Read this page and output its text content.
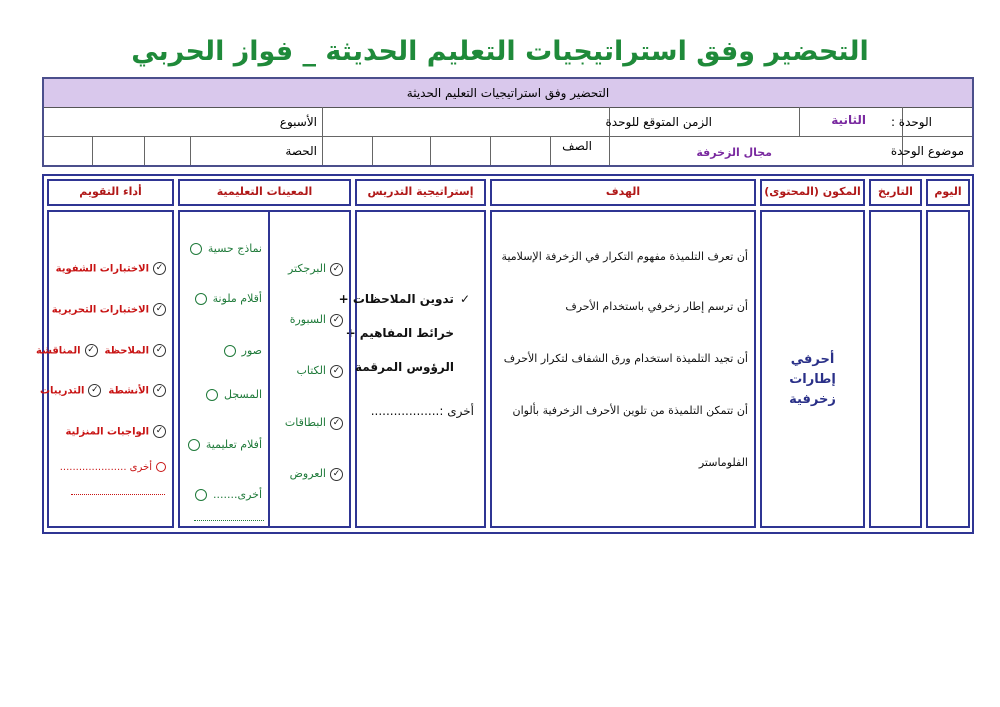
التحضير وفق استراتيجيات التعليم الحديثة _ فواز الحربي
التحضير وفق استراتيجيات التعليم الحديثة
الوحدة :
الثانية
الزمن المتوقع للوحدة
الأسبوع
موضوع الوحدة
مجال الزخرفة
الصف
الحصة
اليوم
التاريخ
المكون (المحتوى)
الهدف
إستراتيجية التدريس
المعينات التعليمية
أداء التقويم
أحرفي إطارات زخرفية
أن تعرف التلميذة مفهوم التكرار في الزخرفة الإسلامية
أن ترسم إطار زخرفي باستخدام الأحرف
أن تجيد التلميذة استخدام ورق الشفاف لتكرار الأحرف
أن تتمكن التلميذة من تلوين الأحرف الزخرفية بألوان
الفلوماستر
✓تدوين الملاحظات +
خرائط المفاهيم +
الرؤوس المرقمة
أخرى :..................
✓البرجكتر
✓السبورة
✓الكتاب
✓البطاقات
✓العروض
نماذج حسية
أقلام ملونة
صور
المسجل
أفلام تعليمية
أخرى.......
✓الاختبارات الشفوية
✓الاختبارات التحريرية
✓الملاحظة  ✓المناقشة
✓الأنشطة  ✓التدريبات
✓الواجبات المنزلية
أخرى .....................
